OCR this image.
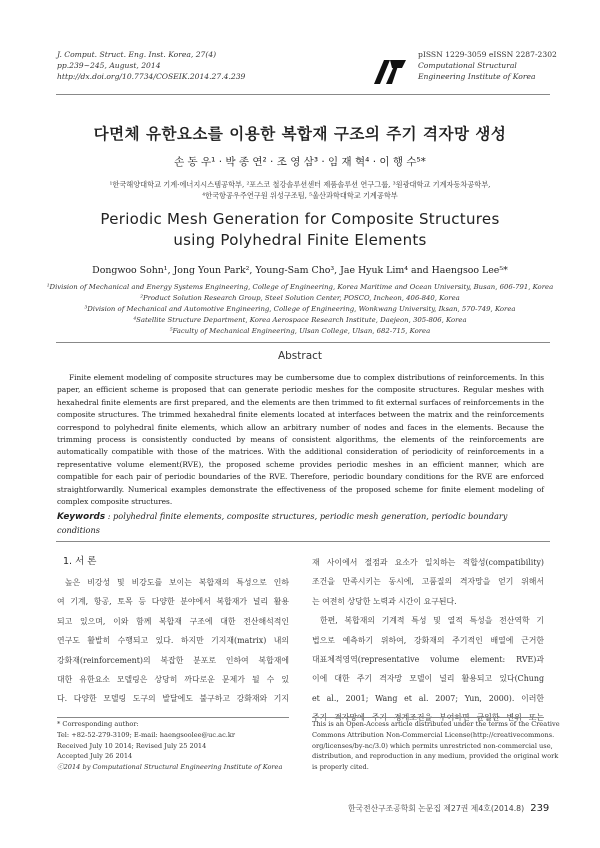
J. Comput. Struct. Eng. Inst. Korea, 27(4)
pp.239~245, August, 2014
http://dx.doi.org/10.7734/COSEIK.2014.27.4.239
pISSN 1229-3059 eISSN 2287-2302
Computational Structural
Engineering Institute of Korea
다면체 유한요소를 이용한 복합재 구조의 주기 격자망 생성
손 동 우¹ · 박 종 연² · 조 영 삼³ · 임 재 혁⁴ · 이 행 수⁵*
¹한국해양대학교 기계·에너지시스템공학부, ²포스코 철강솔루션센터 제품솔루션 연구그룹, ³원광대학교 기계자동차공학부,
⁴한국항공우주연구원 위성구조팀, ⁵울산과학대학교 기계공학부
Periodic Mesh Generation for Composite Structures
using Polyhedral Finite Elements
Dongwoo Sohn¹, Jong Youn Park², Young-Sam Cho³, Jae Hyuk Lim⁴ and Haengsoo Lee⁵*
¹Division of Mechanical and Energy Systems Engineering, College of Engineering, Korea Maritime and Ocean University, Busan, 606-791, Korea
²Product Solution Research Group, Steel Solution Center, POSCO, Incheon, 406-840, Korea
³Division of Mechanical and Automotive Engineering, College of Engineering, Wonkwang University, Iksan, 570-749, Korea
⁴Satellite Structure Department, Korea Aerospace Research Institute, Daejeon, 305-806, Korea
⁵Faculty of Mechanical Engineering, Ulsan College, Ulsan, 682-715, Korea
Abstract
Finite element modeling of composite structures may be cumbersome due to complex distributions of reinforcements. In this paper, an efficient scheme is proposed that can generate periodic meshes for the composite structures. Regular meshes with hexahedral finite elements are first prepared, and the elements are then trimmed to fit external surfaces of reinforcements in the composite structures. The trimmed hexahedral finite elements located at interfaces between the matrix and the reinforcements correspond to polyhedral finite elements, which allow an arbitrary number of nodes and faces in the elements. Because the trimming process is consistently conducted by means of consistent algorithms, the elements of the reinforcements are automatically compatible with those of the matrices. With the additional consideration of periodicity of reinforcements in a representative volume element(RVE), the proposed scheme provides periodic meshes in an efficient manner, which are compatible for each pair of periodic boundaries of the RVE. Therefore, periodic boundary conditions for the RVE are enforced straightforwardly. Numerical examples demonstrate the effectiveness of the proposed scheme for finite element modeling of complex composite structures.
Keywords : polyhedral finite elements, composite structures, periodic mesh generation, periodic boundary conditions
1. 서 론
높은 비강성 및 비강도를 보이는 복합재의 특성으로 인하
여 기계, 항공, 토목 등 다양한 분야에서 복합재가 널리 활용
되고 있으며, 이와 함께 복합재 구조에 대한 전산해석적인
연구도 활발히 수행되고 있다. 하지만 기지재(matrix) 내의
강화재(reinforcement)의 복잡한 분포로 인하여 복합재에
대한 유한요소 모델링은 상당히 까다로운 문제가 될 수 있
다. 다양한 모델링 도구의 발달에도 불구하고 강화재와 기지
재 사이에서 절점과 요소가 일치하는 적합성(compatibility)
조건을 만족시키는 동시에, 고품질의 격자망을 얻기 위해서
는 여전히 상당한 노력과 시간이 요구된다.
한편, 복합재의 기계적 특성 및 열적 특성을 전산역학 기
법으로 예측하기 위하여, 강화재의 주기적인 배열에 근거한
대표체적영역(representative volume element: RVE)과
이에 대한 주기 격자망 모델이 널리 활용되고 있다(Chung
et al., 2001; Wang et al. 2007; Yun, 2000). 이러한
* Corresponding author:
Tel: +82-52-279-3109; E-mail: haengsoolee@uc.ac.kr
Received July 10 2014; Revised July 25 2014
Accepted July 26 2014
ⓒ2014 by Computational Structural Engineering Institute of Korea
This is an Open-Access article distributed under the terms of the Creative
Commons Attribution Non-Commercial License(http://creativecommons.
org/licenses/by-nc/3.0) which permits unrestricted non-commercial use,
distribution, and reproduction in any medium, provided the original work
is properly cited.
한국전산구조공학회 논문집 제27권 제4호(2014.8) 239
